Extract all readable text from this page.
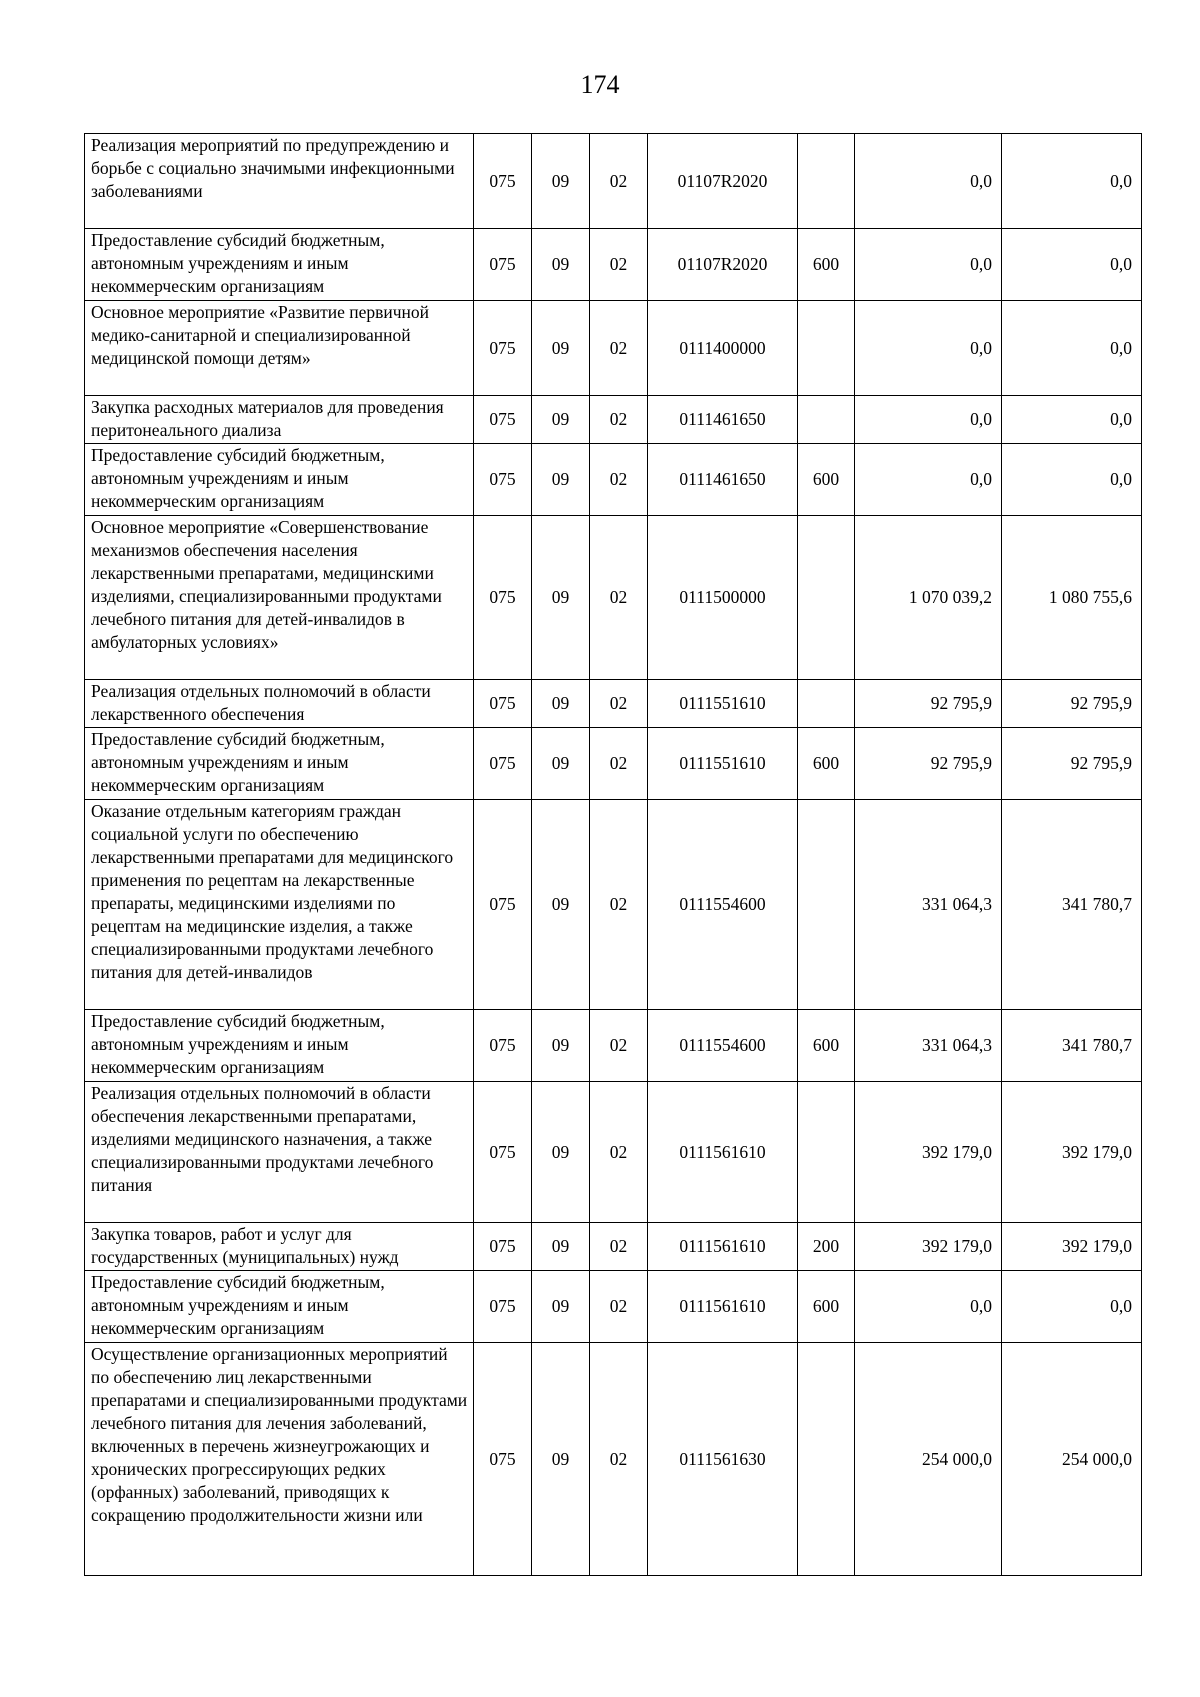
174
Реализация мероприятий по предупреждению и борьбе с социально значимыми инфекционными заболеваниями	075	09	02	01107R2020		0,0	0,0
Предоставление субсидий бюджетным, автономным учреждениям и иным некоммерческим организациям	075	09	02	01107R2020	600	0,0	0,0
Основное мероприятие «Развитие первичной медико-санитарной и специализированной медицинской помощи детям»	075	09	02	0111400000		0,0	0,0
Закупка расходных материалов для проведения перитонеального диализа	075	09	02	0111461650		0,0	0,0
Предоставление субсидий бюджетным, автономным учреждениям и иным некоммерческим организациям	075	09	02	0111461650	600	0,0	0,0
Основное мероприятие «Совершенствование механизмов обеспечения населения лекарственными препаратами, медицинскими изделиями, специализированными продуктами лечебного питания для детей-инвалидов в амбулаторных условиях»	075	09	02	0111500000		1 070 039,2	1 080 755,6
Реализация отдельных полномочий в области лекарственного обеспечения	075	09	02	0111551610		92 795,9	92 795,9
Предоставление субсидий бюджетным, автономным учреждениям и иным некоммерческим организациям	075	09	02	0111551610	600	92 795,9	92 795,9
Оказание отдельным категориям граждан социальной услуги по обеспечению лекарственными препаратами для медицинского применения по рецептам на лекарственные препараты, медицинскими изделиями по рецептам на медицинские изделия, а также специализированными продуктами лечебного питания для детей-инвалидов	075	09	02	0111554600		331 064,3	341 780,7
Предоставление субсидий бюджетным, автономным учреждениям и иным некоммерческим организациям	075	09	02	0111554600	600	331 064,3	341 780,7
Реализация отдельных полномочий в области обеспечения лекарственными препаратами, изделиями медицинского назначения, а также специализированными продуктами лечебного питания	075	09	02	0111561610		392 179,0	392 179,0
Закупка товаров, работ и услуг для государственных (муниципальных) нужд	075	09	02	0111561610	200	392 179,0	392 179,0
Предоставление субсидий бюджетным, автономным учреждениям и иным некоммерческим организациям	075	09	02	0111561610	600	0,0	0,0
Осуществление организационных мероприятий по обеспечению лиц лекарственными препаратами и специализированными продуктами лечебного питания для лечения заболеваний, включенных в перечень жизнеугрожающих и хронических прогрессирующих редких (орфанных) заболеваний, приводящих к сокращению продолжительности жизни или	075	09	02	0111561630		254 000,0	254 000,0
